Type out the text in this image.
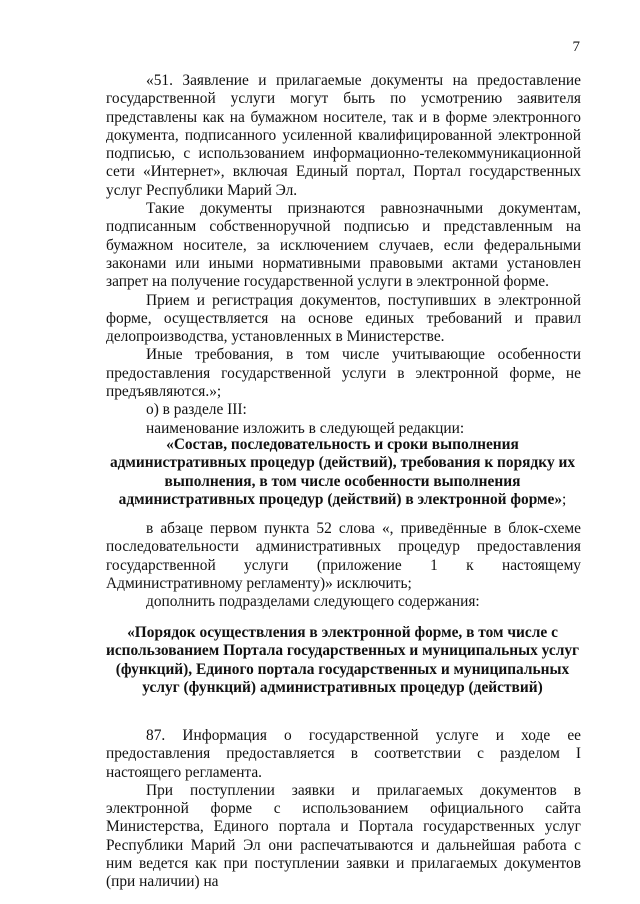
7

«51. Заявление и прилагаемые документы на предоставление государственной услуги могут быть по усмотрению заявителя представлены как на бумажном носителе, так и в форме электронного документа, подписанного усиленной квалифицированной электронной подписью, с использованием информационно-телекоммуникационной сети «Интернет», включая Единый портал, Портал государственных услуг Республики Марий Эл.

Такие документы признаются равнозначными документам, подписанным собственноручной подписью и представленным на бумажном носителе, за исключением случаев, если федеральными законами или иными нормативными правовыми актами установлен запрет на получение государственной услуги в электронной форме.

Прием и регистрация документов, поступивших в электронной форме, осуществляется на основе единых требований и правил делопроизводства, установленных в Министерстве.

Иные требования, в том числе учитывающие особенности предоставления государственной услуги в электронной форме, не предъявляются.»;

о) в разделе III:

наименование изложить в следующей редакции:

«Состав, последовательность и сроки выполнения административных процедур (действий), требования к порядку их выполнения, в том числе особенности выполнения административных процедур (действий) в электронной форме»;

в абзаце первом пункта 52 слова «, приведённые в блок-схеме последовательности административных процедур предоставления государственной услуги (приложение 1 к настоящему Административному регламенту)» исключить;

дополнить подразделами следующего содержания:

«Порядок осуществления в электронной форме, в том числе с использованием Портала государственных и муниципальных услуг (функций), Единого портала государственных и муниципальных услуг (функций) административных процедур (действий)

87. Информация о государственной услуге и ходе ее предоставления предоставляется в соответствии с разделом I настоящего регламента.

При поступлении заявки и прилагаемых документов в электронной форме с использованием официального сайта Министерства, Единого портала и Портала государственных услуг Республики Марий Эл они распечатываются и дальнейшая работа с ним ведется как при поступлении заявки и прилагаемых документов (при наличии) на
